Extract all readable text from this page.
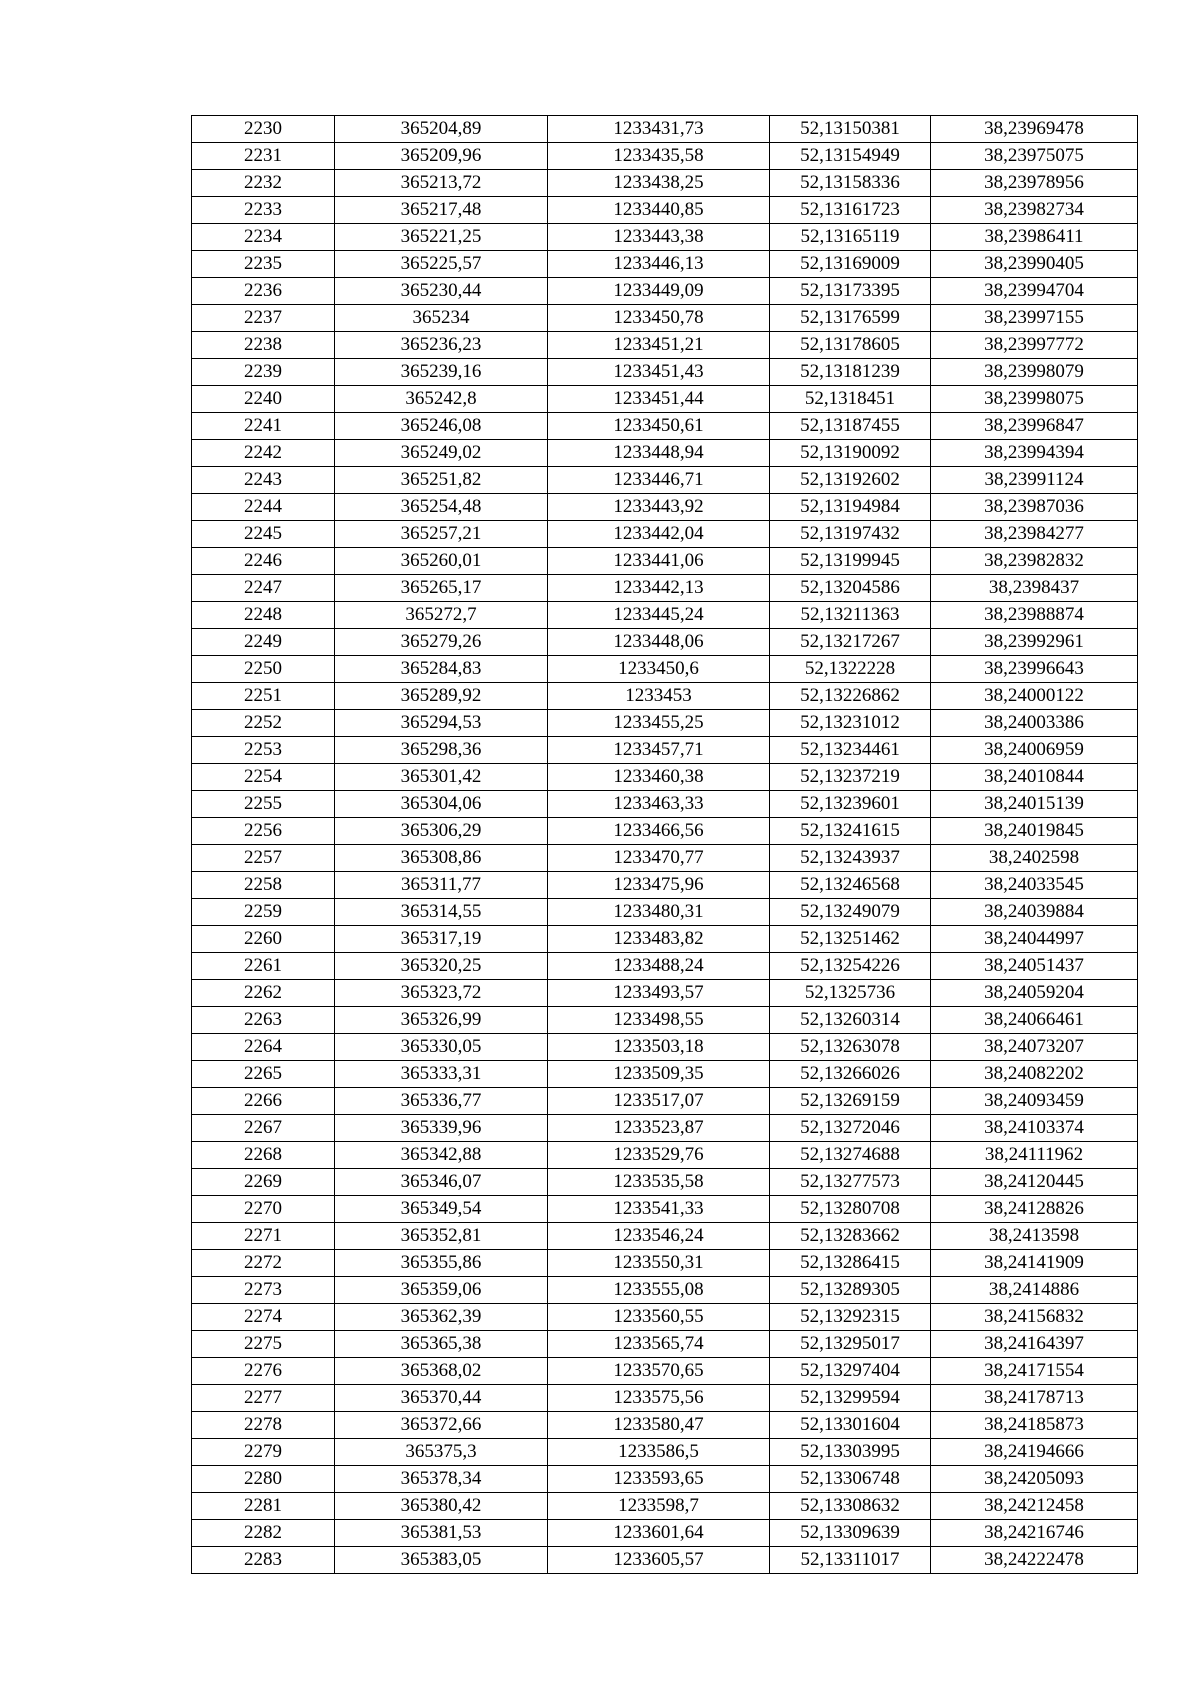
2230	365204,89	1233431,73	52,13150381	38,23969478
2231	365209,96	1233435,58	52,13154949	38,23975075
2232	365213,72	1233438,25	52,13158336	38,23978956
2233	365217,48	1233440,85	52,13161723	38,23982734
2234	365221,25	1233443,38	52,13165119	38,23986411
2235	365225,57	1233446,13	52,13169009	38,23990405
2236	365230,44	1233449,09	52,13173395	38,23994704
2237	365234	1233450,78	52,13176599	38,23997155
2238	365236,23	1233451,21	52,13178605	38,23997772
2239	365239,16	1233451,43	52,13181239	38,23998079
2240	365242,8	1233451,44	52,1318451	38,23998075
2241	365246,08	1233450,61	52,13187455	38,23996847
2242	365249,02	1233448,94	52,13190092	38,23994394
2243	365251,82	1233446,71	52,13192602	38,23991124
2244	365254,48	1233443,92	52,13194984	38,23987036
2245	365257,21	1233442,04	52,13197432	38,23984277
2246	365260,01	1233441,06	52,13199945	38,23982832
2247	365265,17	1233442,13	52,13204586	38,2398437
2248	365272,7	1233445,24	52,13211363	38,23988874
2249	365279,26	1233448,06	52,13217267	38,23992961
2250	365284,83	1233450,6	52,1322228	38,23996643
2251	365289,92	1233453	52,13226862	38,24000122
2252	365294,53	1233455,25	52,13231012	38,24003386
2253	365298,36	1233457,71	52,13234461	38,24006959
2254	365301,42	1233460,38	52,13237219	38,24010844
2255	365304,06	1233463,33	52,13239601	38,24015139
2256	365306,29	1233466,56	52,13241615	38,24019845
2257	365308,86	1233470,77	52,13243937	38,2402598
2258	365311,77	1233475,96	52,13246568	38,24033545
2259	365314,55	1233480,31	52,13249079	38,24039884
2260	365317,19	1233483,82	52,13251462	38,24044997
2261	365320,25	1233488,24	52,13254226	38,24051437
2262	365323,72	1233493,57	52,1325736	38,24059204
2263	365326,99	1233498,55	52,13260314	38,24066461
2264	365330,05	1233503,18	52,13263078	38,24073207
2265	365333,31	1233509,35	52,13266026	38,24082202
2266	365336,77	1233517,07	52,13269159	38,24093459
2267	365339,96	1233523,87	52,13272046	38,24103374
2268	365342,88	1233529,76	52,13274688	38,24111962
2269	365346,07	1233535,58	52,13277573	38,24120445
2270	365349,54	1233541,33	52,13280708	38,24128826
2271	365352,81	1233546,24	52,13283662	38,2413598
2272	365355,86	1233550,31	52,13286415	38,24141909
2273	365359,06	1233555,08	52,13289305	38,2414886
2274	365362,39	1233560,55	52,13292315	38,24156832
2275	365365,38	1233565,74	52,13295017	38,24164397
2276	365368,02	1233570,65	52,13297404	38,24171554
2277	365370,44	1233575,56	52,13299594	38,24178713
2278	365372,66	1233580,47	52,13301604	38,24185873
2279	365375,3	1233586,5	52,13303995	38,24194666
2280	365378,34	1233593,65	52,13306748	38,24205093
2281	365380,42	1233598,7	52,13308632	38,24212458
2282	365381,53	1233601,64	52,13309639	38,24216746
2283	365383,05	1233605,57	52,13311017	38,24222478
